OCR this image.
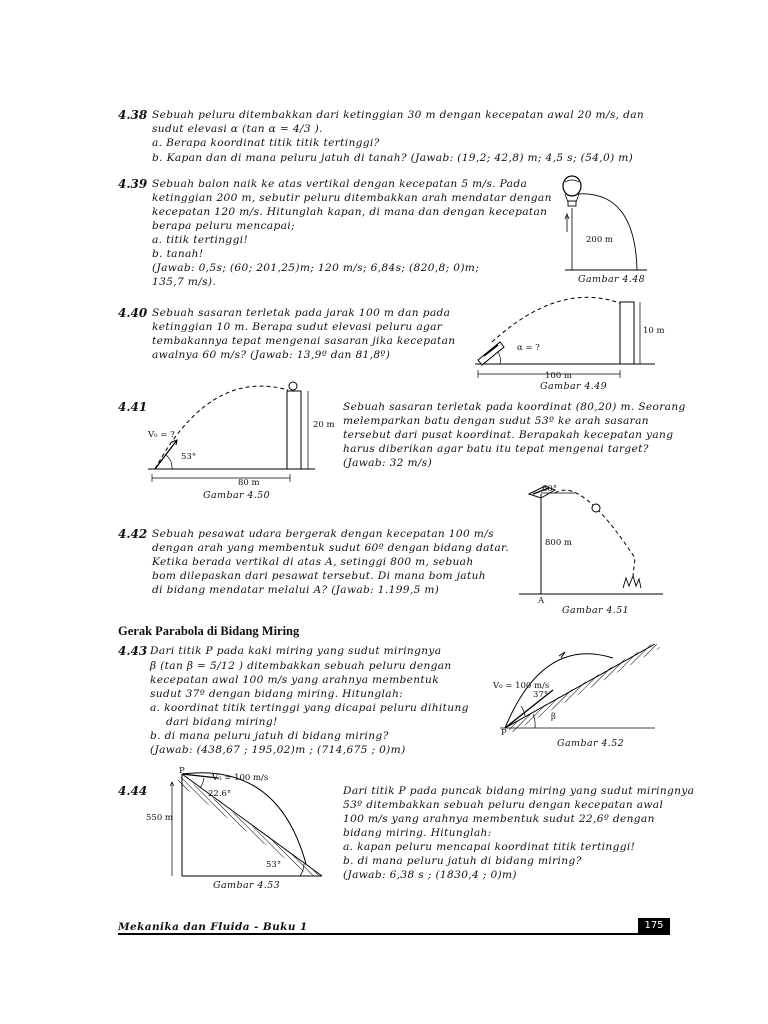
4.38 Sebuah peluru ditembakkan dari ketinggian 30 m dengan kecepatan awal 20 m/s, dan
sudut elevasi α (tan α = 4/3 ).
a. Berapa koordinat titik titik tertinggi?
b. Kapan dan di mana peluru jatuh di tanah? (Jawab: (19,2; 42,8) m; 4,5 s; (54,0) m)
4.39 Sebuah balon naik ke atas vertikal dengan kecepatan 5 m/s. Pada
ketinggian 200 m, sebutir peluru ditembakkan arah mendatar dengan
kecepatan 120 m/s. Hitunglah kapan, di mana dan dengan kecepatan
berapa peluru mencapai;
a. titik tertinggi!
b. tanah!
(Jawab: 0,5s; (60; 201,25)m; 120 m/s; 6,84s; (820,8; 0)m;
135,7 m/s).
200 m
Gambar 4.48
4.40 Sebuah sasaran terletak pada jarak 100 m dan pada
ketinggian 10 m. Berapa sudut elevasi peluru agar
tembakannya tepat mengenai sasaran jika kecepatan
awalnya 60 m/s? (Jawab: 13,9º dan 81,8º)
10 m
α = ?
100 m
Gambar 4.49
4.41
V₀ = ?
53°
20 m
80 m
Gambar 4.50
Sebuah sasaran terletak pada koordinat (80,20) m. Seorang
melemparkan batu dengan sudut 53º ke arah sasaran
tersebut dari pusat koordinat. Berapakah kecepatan yang
harus diberikan agar batu itu tepat mengenai target?
(Jawab: 32 m/s)
4.42 Sebuah pesawat udara bergerak dengan kecepatan 100 m/s
dengan arah yang membentuk sudut 60º dengan bidang datar.
Ketika berada vertikal di atas A, setinggi 800 m, sebuah
bom dilepaskan dari pesawat tersebut. Di mana bom jatuh
di bidang mendatar melalui A? (Jawab: 1.199,5 m)
60°
800 m
A
Gambar 4.51
Gerak Parabola di Bidang Miring
4.43 Dari titik P pada kaki miring yang sudut miringnya
β (tan β = 5/12 ) ditembakkan sebuah peluru dengan
kecepatan awal 100 m/s yang arahnya membentuk
sudut 37º dengan bidang miring. Hitunglah:
a. koordinat titik tertinggi yang dicapai peluru dihitung
dari bidang miring!
b. di mana peluru jatuh di bidang miring?
(Jawab: (438,67 ; 195,02)m ; (714,675 ; 0)m)
V₀ = 100 m/s
37°
β
P
Gambar 4.52
4.44
P
V₀ = 100 m/s
22.6°
550 m
53°
Gambar 4.53
Dari titik P pada puncak bidang miring yang sudut miringnya
53º ditembakkan sebuah peluru dengan kecepatan awal
100 m/s yang arahnya membentuk sudut 22,6º dengan
bidang miring. Hitunglah:
a. kapan peluru mencapai koordinat titik tertinggi!
b. di mana peluru jatuh di bidang miring?
(Jawab: 6,38 s ; (1830,4 ; 0)m)
Mekanika dan Fluida - Buku 1	175
